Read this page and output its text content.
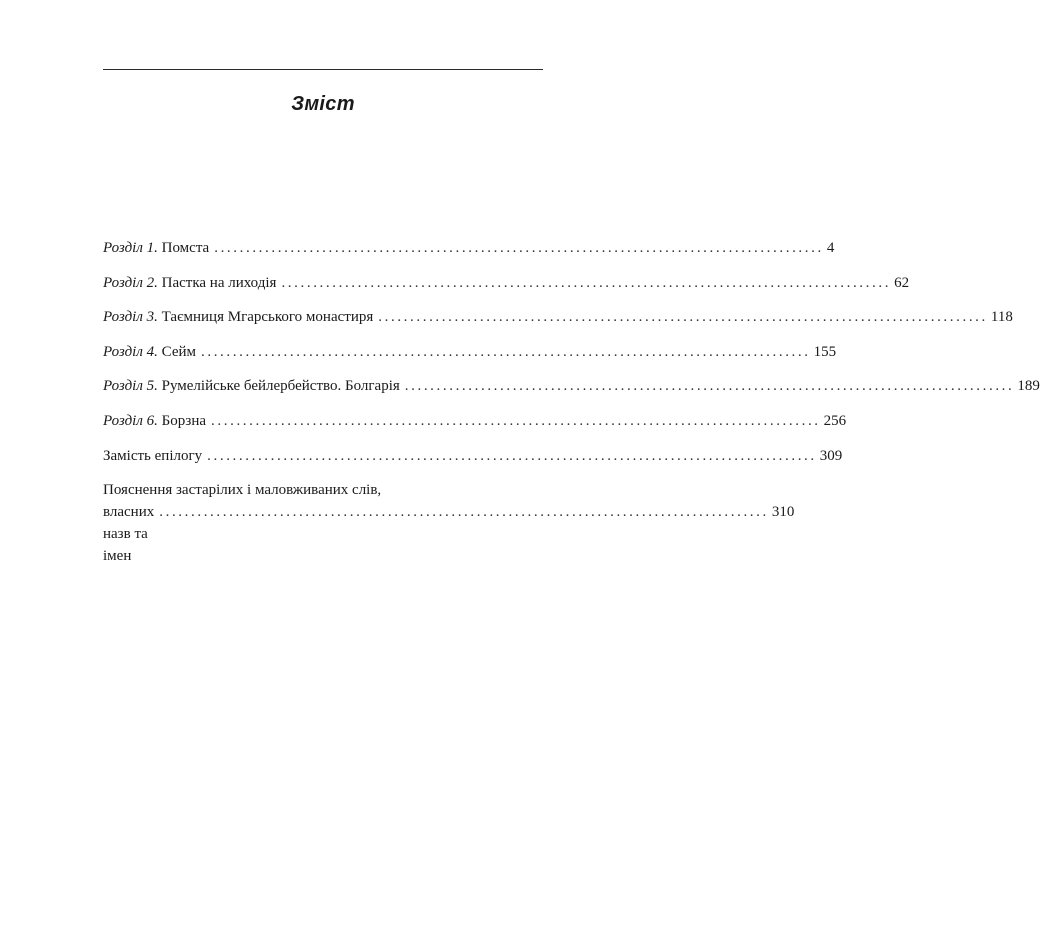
Зміст
Розділ 1. Помста ................................................................................................ 4
Розділ 2. Пастка на лиходія ................................................................................................ 62
Розділ 3. Таємниця Мгарського монастиря ................................................................................................ 118
Розділ 4. Сейм ................................................................................................ 155
Розділ 5. Румелійське бейлербейство. Болгарія ................................................................................................ 189
Розділ 6. Борзна ................................................................................................ 256
Замість епілогу ................................................................................................ 309
Пояснення застарілих і маловживаних слів,
власних назв та імен
................................................................................................ 310
